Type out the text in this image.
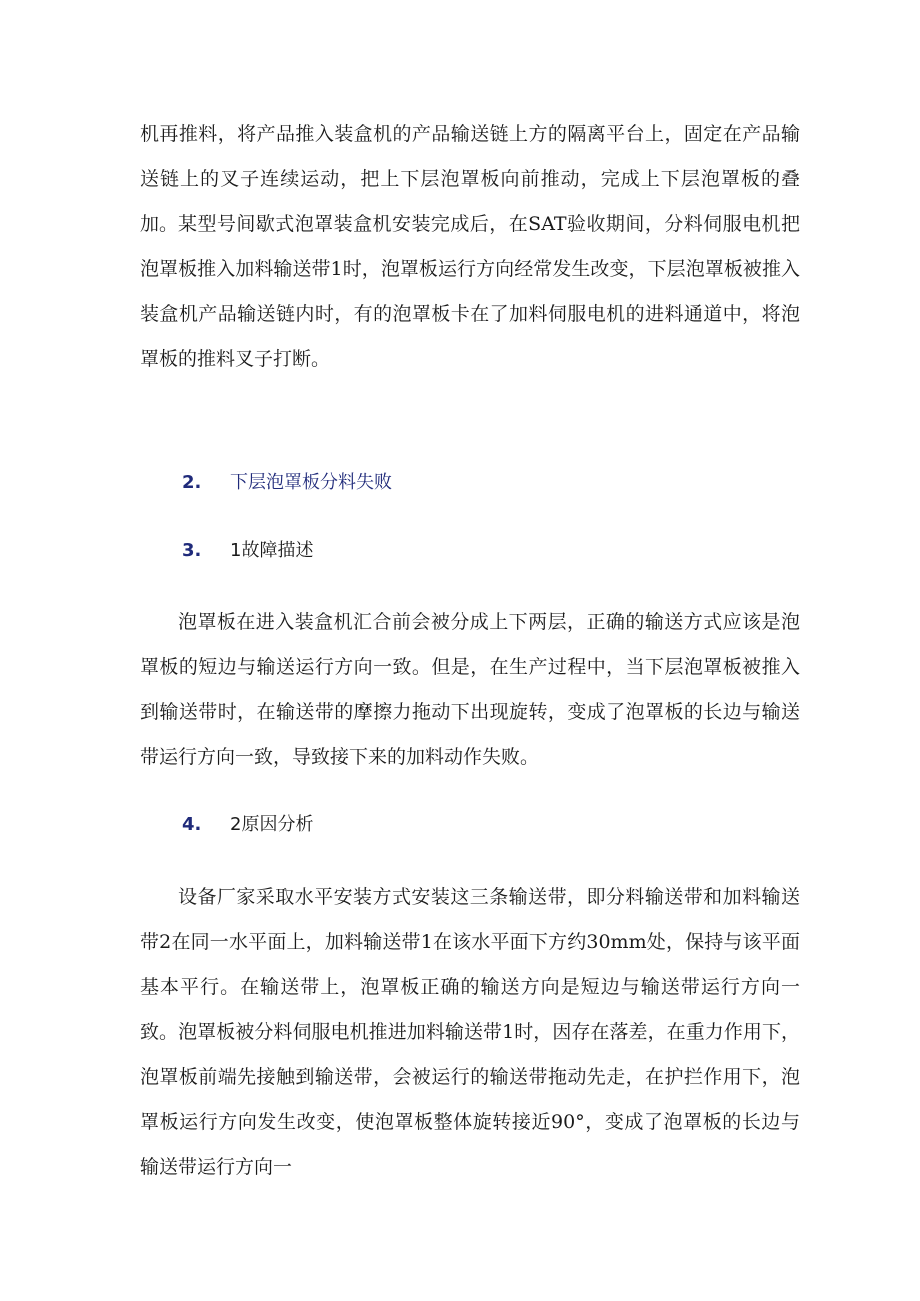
机再推料，将产品推入装盒机的产品输送链上方的隔离平台上，固定在产品输送链上的叉子连续运动，把上下层泡罩板向前推动，完成上下层泡罩板的叠加。 某型号间歇式泡罩装盒机安装完成后，在SAT验收期间，分料伺服电机把泡罩板推入加料输送带1时，泡罩板运行方向经常发生改变，下层泡罩板被推入装盒机产品输送链内时，有的泡罩板卡在了加料伺服电机的进料通道中，将泡罩板的推料叉子打断。

2.	下层泡罩板分料失败
3.	1故障描述

泡罩板在进入装盒机汇合前会被分成上下两层，正确的输送方式应该是泡罩板的短边与输送运行方向一致。但是，在生产过程中，当下层泡罩板被推入到输送带时，在输送带的摩擦力拖动下出现旋转，变成了泡罩板的长边与输送带运行方向一致，导致接下来的加料动作失败。

4.	2原因分析

设备厂家采取水平安装方式安装这三条输送带，即分料输送带和加料输送带2在同一水平面上，加料输送带1在该水平面下方约30mm处，保持与该平面基本平行。在输送带上，泡罩板正确的输送方向是短边与输送带运行方向一致。泡罩板被分料伺服电机推进加料输送带1时，因存在落差，在重力作用下，泡罩板前端先接触到输送带，会被运行的输送带拖动先走，在护拦作用下，泡罩板运行方向发生改变，使泡罩板整体旋转接近90°，变成了泡罩板的长边与输送带运行方向一
